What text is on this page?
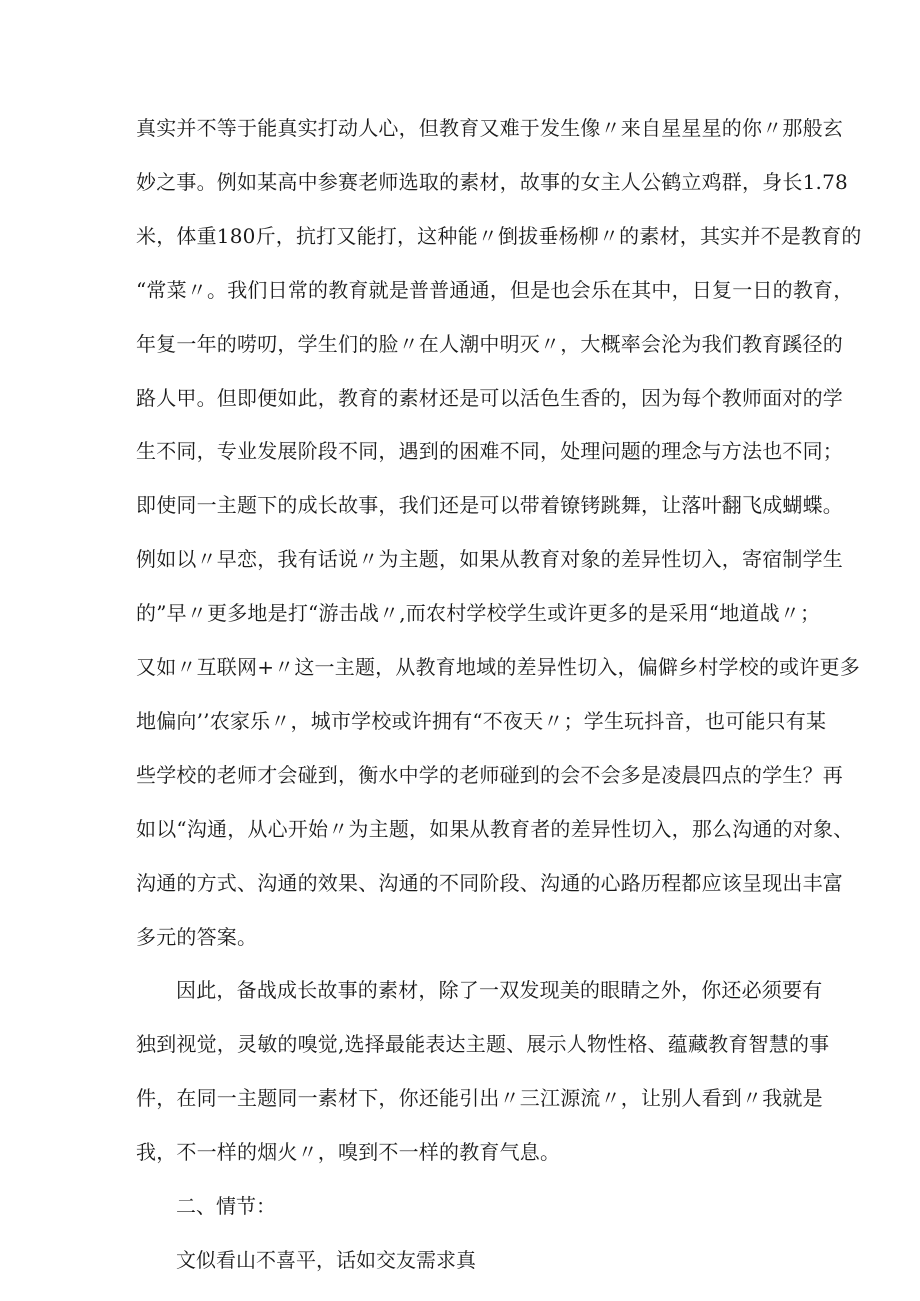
真实并不等于能真实打动人心，但教育又难于发生像〃来自星星星的你〃那般玄
妙之事。例如某高中参赛老师选取的素材，故事的女主人公鹤立鸡群，身长1.78
米，体重180斤，抗打又能打，这种能〃倒拔垂杨柳〃的素材，其实并不是教育的
“常菜〃。我们日常的教育就是普普通通，但是也会乐在其中，日复一日的教育，
年复一年的唠叨，学生们的脸〃在人潮中明灭〃，大概率会沦为我们教育蹊径的
路人甲。但即便如此，教育的素材还是可以活色生香的，因为每个教师面对的学
生不同，专业发展阶段不同，遇到的困难不同，处理问题的理念与方法也不同；
即使同一主题下的成长故事，我们还是可以带着镣铐跳舞，让落叶翻飞成蝴蝶。
例如以〃早恋，我有话说〃为主题，如果从教育对象的差异性切入，寄宿制学生
的”早〃更多地是打“游击战〃,而农村学校学生或许更多的是采用“地道战〃；
又如〃互联网+〃这一主题，从教育地域的差异性切入，偏僻乡村学校的或许更多
地偏向’’农家乐〃，城市学校或许拥有“不夜天〃；学生玩抖音，也可能只有某
些学校的老师才会碰到，衡水中学的老师碰到的会不会多是凌晨四点的学生？再
如以“沟通，从心开始〃为主题，如果从教育者的差异性切入，那么沟通的对象、
沟通的方式、沟通的效果、沟通的不同阶段、沟通的心路历程都应该呈现出丰富
多元的答案。
因此，备战成长故事的素材，除了一双发现美的眼睛之外，你还必须要有
独到视觉，灵敏的嗅觉,选择最能表达主题、展示人物性格、蕴藏教育智慧的事
件，在同一主题同一素材下，你还能引出〃三江源流〃，让别人看到〃我就是
我，不一样的烟火〃，嗅到不一样的教育气息。
二、情节：
文似看山不喜平，话如交友需求真
